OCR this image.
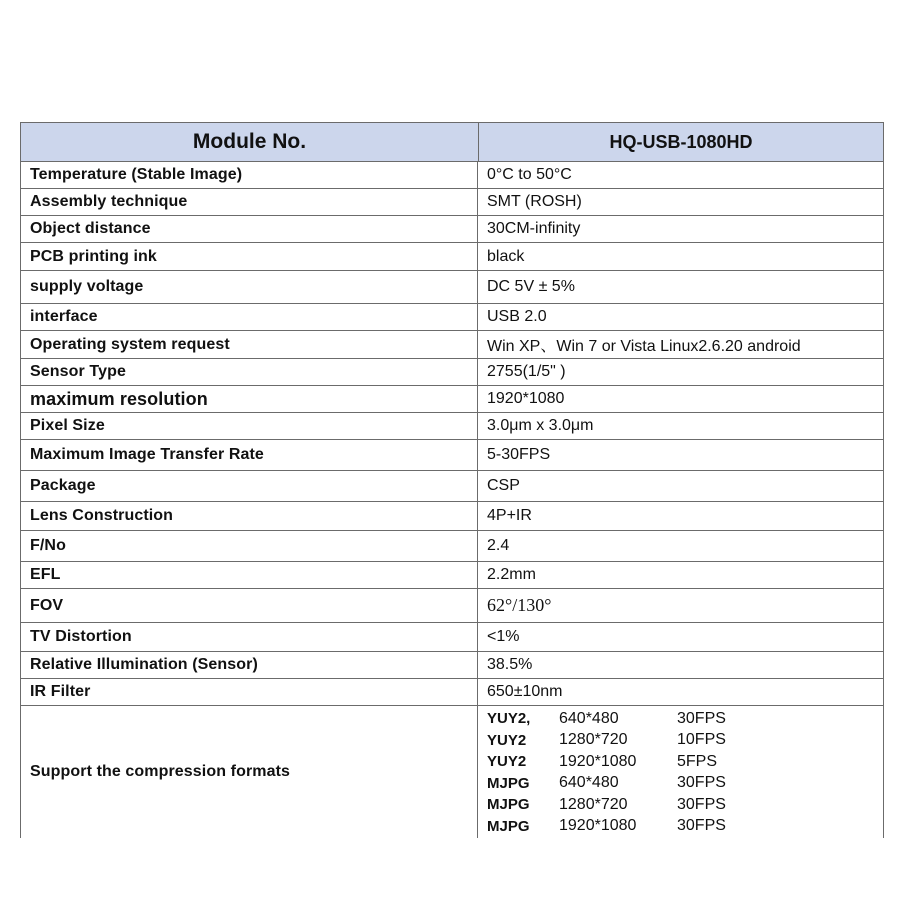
Module No.	HQ-USB-1080HD
Temperature (Stable Image)	0°C to 50°C
Assembly technique	SMT (ROSH)
Object distance	30CM-infinity
PCB printing ink	black
supply voltage	DC 5V ± 5%
interface	USB 2.0
Operating system request	Win XP、Win 7 or Vista Linux2.6.20 android
Sensor Type	2755(1/5" )
maximum resolution	1920*1080
Pixel Size	3.0μm x 3.0μm
Maximum Image Transfer Rate	5-30FPS
Package	CSP
Lens Construction	4P+IR
F/No	2.4
EFL	2.2mm
FOV	62°/130°
TV Distortion	<1%
Relative Illumination (Sensor)	38.5%
IR Filter	650±10nm
Support the compression formats
YUY2,	640*480	30FPS
YUY2	1280*720	10FPS
YUY2	1920*1080	5FPS
MJPG	640*480	30FPS
MJPG	1280*720	30FPS
MJPG	1920*1080	30FPS
